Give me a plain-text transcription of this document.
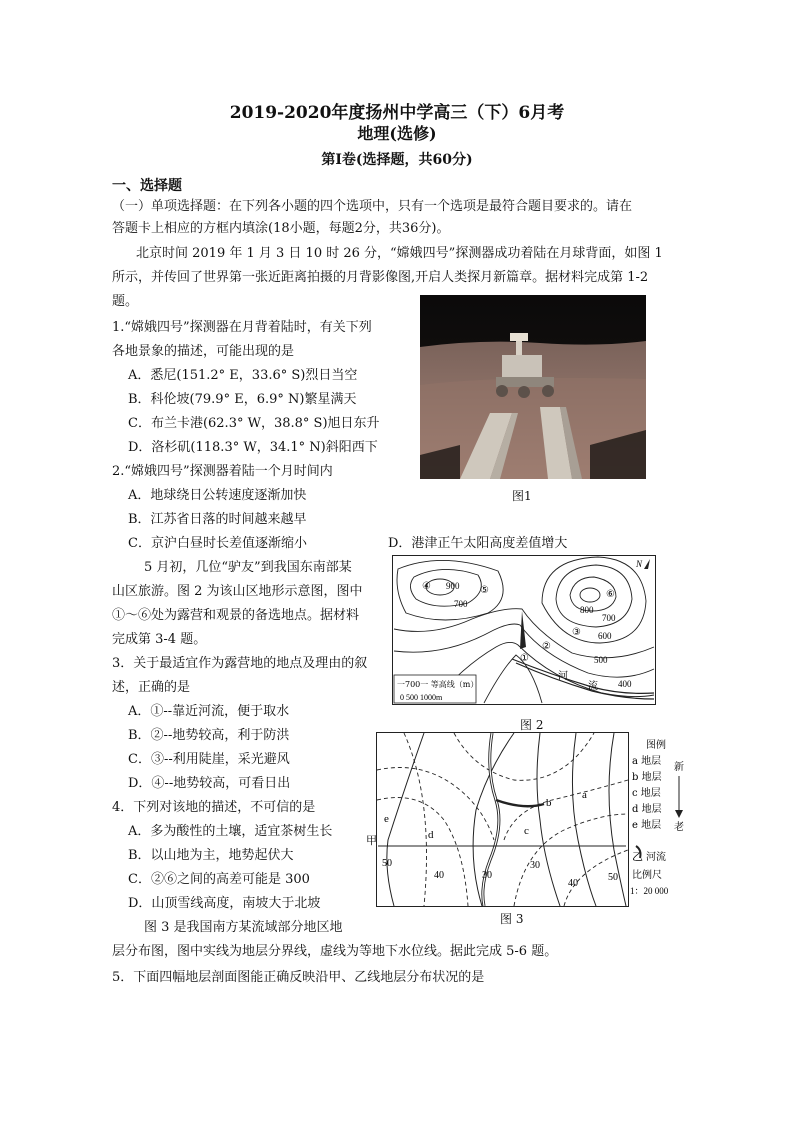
2019-2020年度扬州中学高三（下）6月考
地理(选修)
第Ⅰ卷(选择题，共60分)
一、选择题
（一）单项选择题：在下列各小题的四个选项中，只有一个选项是最符合题目要求的。请在
答题卡上相应的方框内填涂(18小题，每题2分，共36分)。
北京时间 2019 年 1 月 3 日 10 时 26 分，“嫦娥四号”探测器成功着陆在月球背面，如图 1
所示，并传回了世界第一张近距离拍摄的月背影像图,开启人类探月新篇章。据材料完成第 1-2
题。
1.“嫦娥四号”探测器在月背着陆时，有关下列
各地景象的描述，可能出现的是
A．悉尼(151.2° E，33.6° S)烈日当空
B．科伦坡(79.9° E，6.9° N)繁星满天
C．布兰卡港(62.3° W，38.8° S)旭日东升
D．洛杉矶(118.3° W，34.1° N)斜阳西下
图1
2.“嫦娥四号”探测器着陆一个月时间内
A．地球绕日公转速度逐渐加快
B．江苏省日落的时间越来越早
C．京沪白昼时长差值逐渐缩小	D．港津正午太阳高度差值增大
5 月初，几位“驴友”到我国东南部某
山区旅游。图 2 为该山区地形示意图，图中
①～⑥处为露营和观景的备选地点。据材料
完成第 3-4 题。
900
700
800
700
600
500
400
①
②
③
④	⑤	⑥
河
流
N
一700一 等高线（m）
0 500 1000m
图 2
3．关于最适宜作为露营地的地点及理由的叙
述，正确的是
A．①--靠近河流，便于取水
B．②--地势较高，利于防洪
C．③--利用陡崖，采光避风
D．④--地势较高，可看日出
4．下列对该地的描述，不可信的是
A．多为酸性的土壤，适宜茶树生长
B．以山地为主，地势起伏大
C．②⑥之间的高差可能是 300
D．山顶雪线高度，南坡大于北坡
a
b
c
d
e
甲
乙
50
40	30
30
40
50
图例
a 地层
b 地层
c 地层
d 地层
e 地层
新
老
河流
比例尺
1：20 000
图 3
图 3 是我国南方某流域部分地区地
层分布图，图中实线为地层分界线，虚线为等地下水位线。据此完成 5-6 题。
5．下面四幅地层剖面图能正确反映沿甲、乙线地层分布状况的是
